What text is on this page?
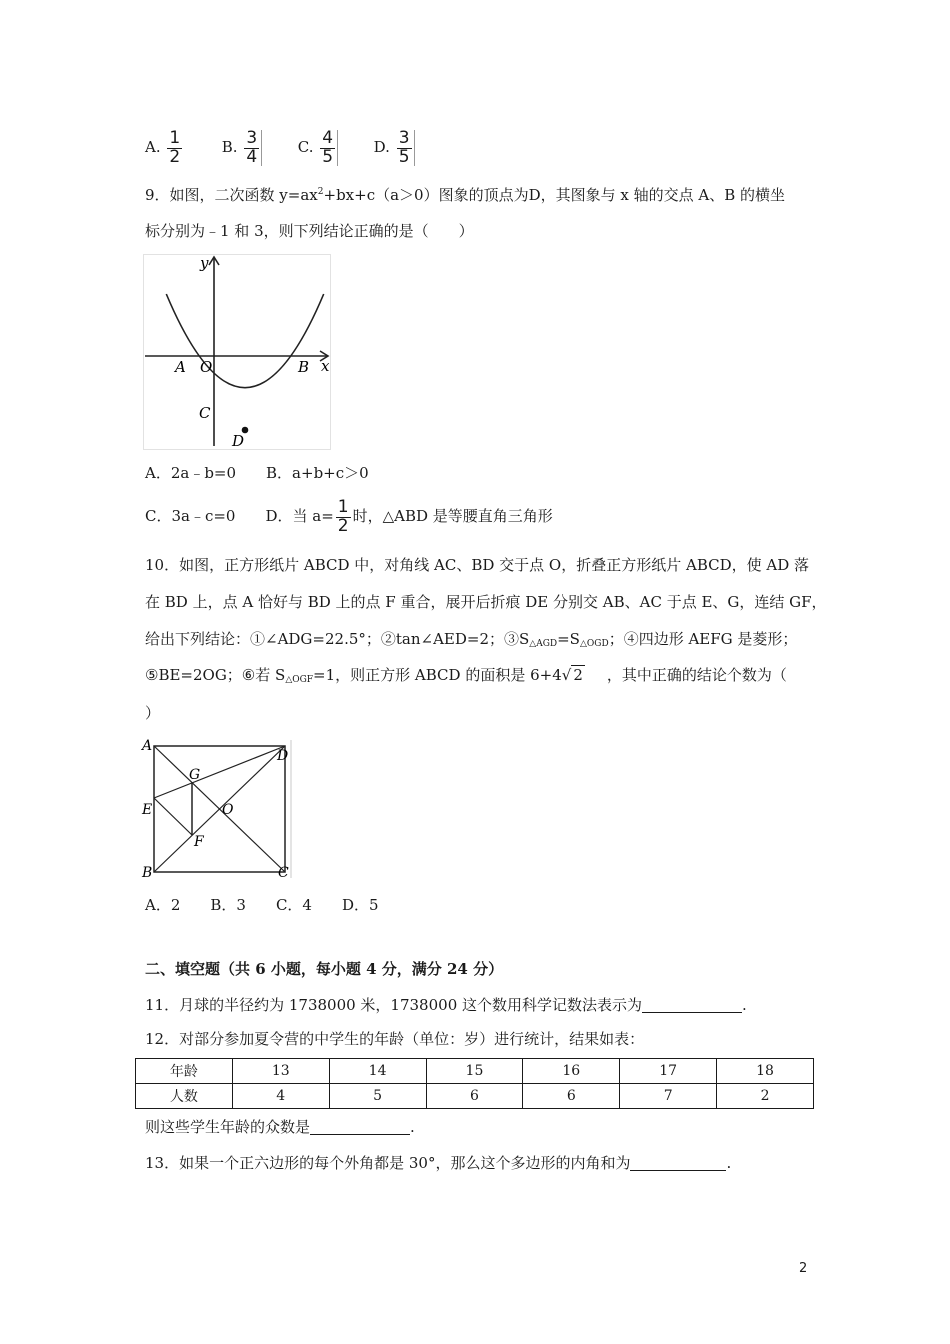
A. $\frac{1}{2}$	B. $\frac{3}{4} C$. $\frac{4}{5} D$. $\frac{3}{5}$
9．如图，二次函数 $y=ax^2+bx+c(a>0)$图象的顶点为D，其图象与 x 轴的交点 A、B 的横坐
标分别为﹣1 和 3，则下列结论正确的是（　　）
y
x
A O	B
C
D
A．2a﹣b=0　　B．a+b+c＞0
C．3a﹣c=0　　D．当 $a= \frac{1}{2}$ 时，△ABD 是等腰直角三角形
10．如图，正方形纸片 ABCD 中，对角线 AC、BD 交于点 O，折叠正方形纸片 ABCD，使 AD 落
在 BD 上，点 A 恰好与 BD 上的点 F 重合，展开后折痕 DE 分别交 AB、AC 于点 E、G，连结 GF，
给出下列结论：①∠ADG=22.5°；②tan∠AED=2；$③S_{\triangle AGD}=S_{\triangle OGD}$；④四边形 AEFG 是菱形；
⑤BE=2OG；⑥若 $S_{\triangle OGF}=1$，则正方形 ABCD 的面积是 6+4√ 2 ，其中正确的结论个数为（
）
A
D
G
E	O
F
B	C
A．2　　B．3　　C．4　　D．5
二、填空题（共 6 小题，每小题 4 分，满分 24 分）
11．月球的半径约为 1738000 米，1738000 这个数用科学记数法表示为	.
12．对部分参加夏令营的中学生的年龄（单位：岁）进行统计，结果如表：
年龄	13	14	15	16	17	18
人数	4	5	6	6	7	2
则这些学生年龄的众数是	.
13．如果一个正六边形的每个外角都是 30°，那么这个多边形的内角和为	.
2
